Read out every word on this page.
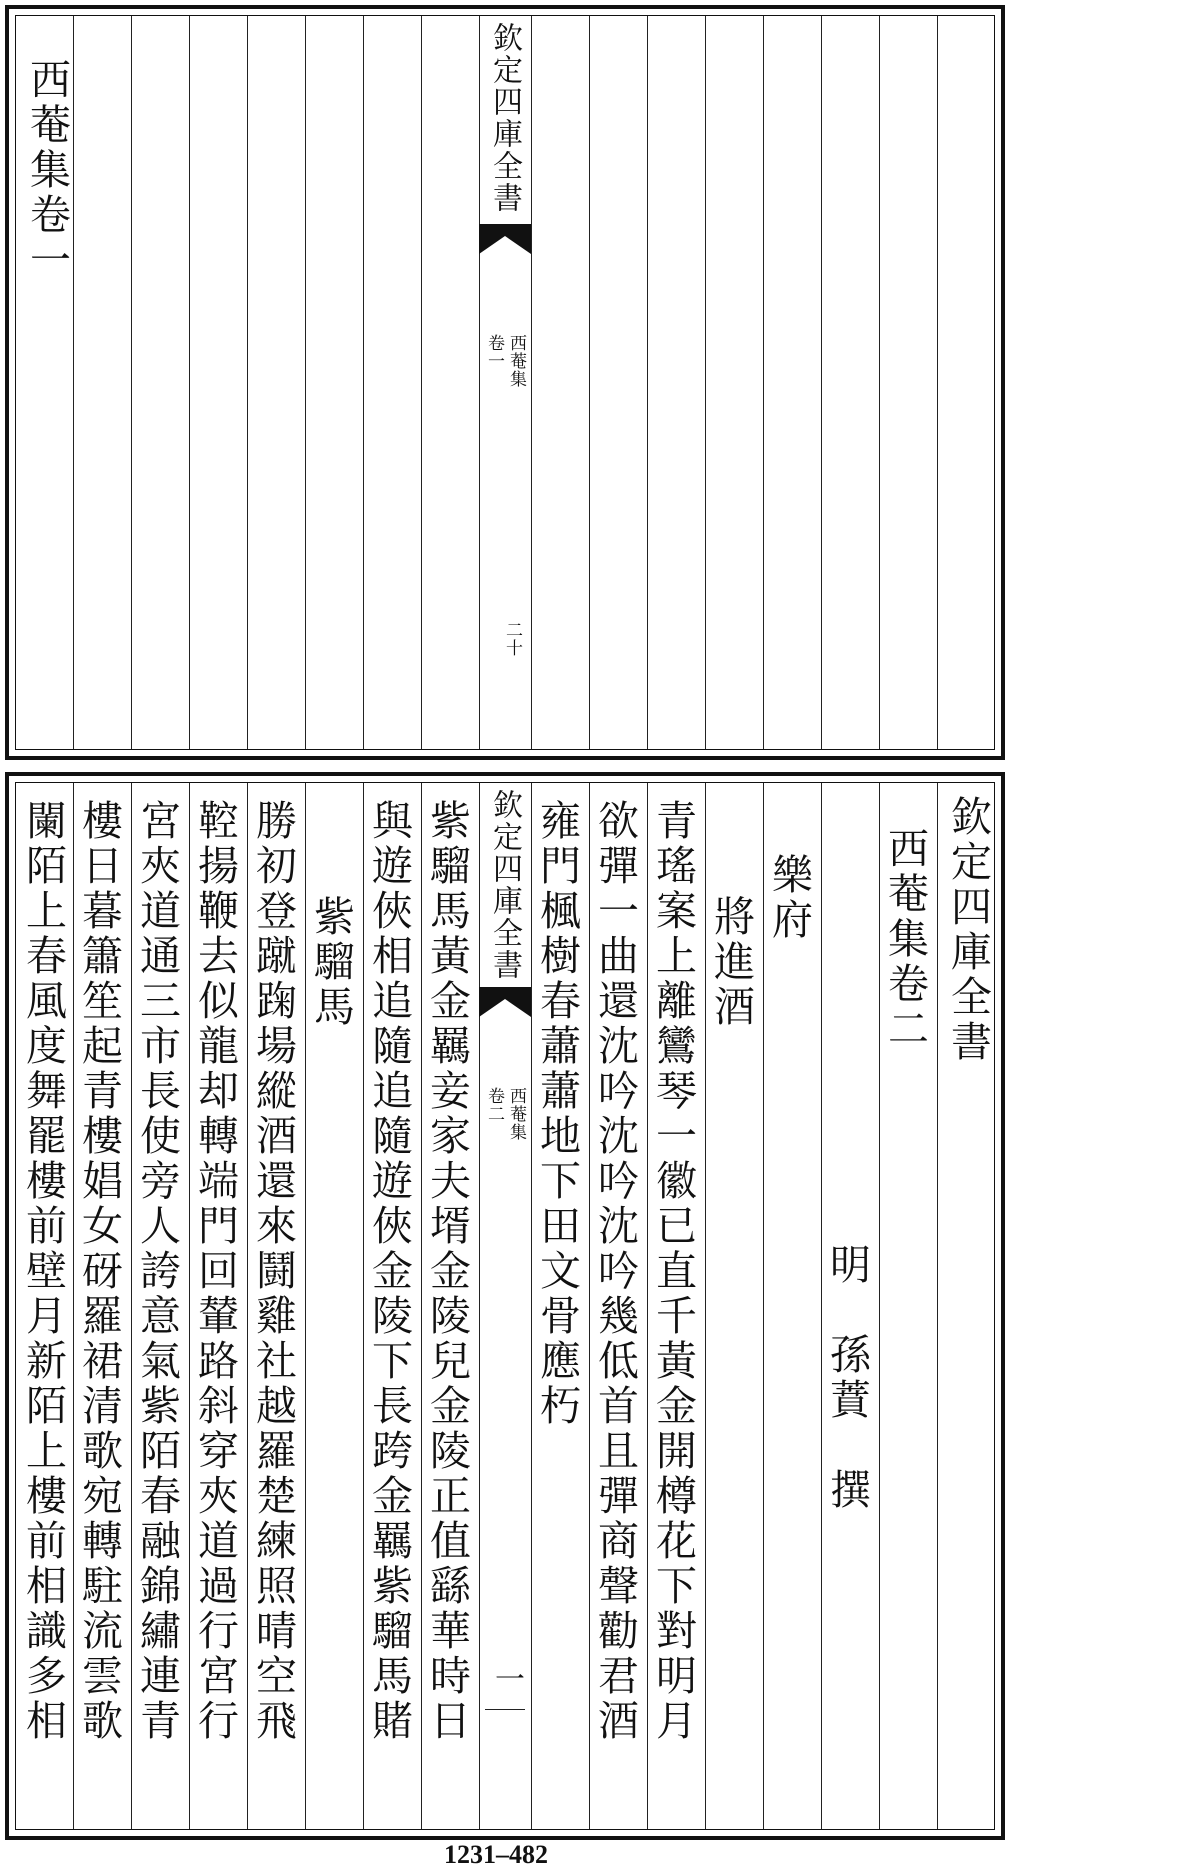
西菴集卷一	欽定四庫全書
西菴集
卷一
二十
欽定四庫全書
西菴集卷二
明　孫蕡　撰
樂府
將進酒
青瑤案上離鸞琴一徽已直千黃金開樽花下對明月
欲彈一曲還沈吟沈吟沈吟幾低首且彈商聲勸君酒
雍門楓樹春蕭蕭地下田文骨應朽
欽定四庫全書
西菴集
卷二
一
紫騮馬黃金羈妾家夫壻金陵兒金陵正值繇華時日
與遊俠相追隨追隨遊俠金陵下長跨金羈紫騮馬賭
紫騮馬
勝初登蹴踘場縱酒還來鬪雞社越羅楚練照晴空飛
鞚揚鞭去似龍却轉端門回輦路斜穿夾道過行宮行
宮夾道通三市長使旁人誇意氣紫陌春融錦繡連青
樓日暮簫笙起青樓娼女砑羅裙清歌宛轉駐流雲歌
闌陌上春風度舞罷樓前壁月新陌上樓前相識多相
1231–482
